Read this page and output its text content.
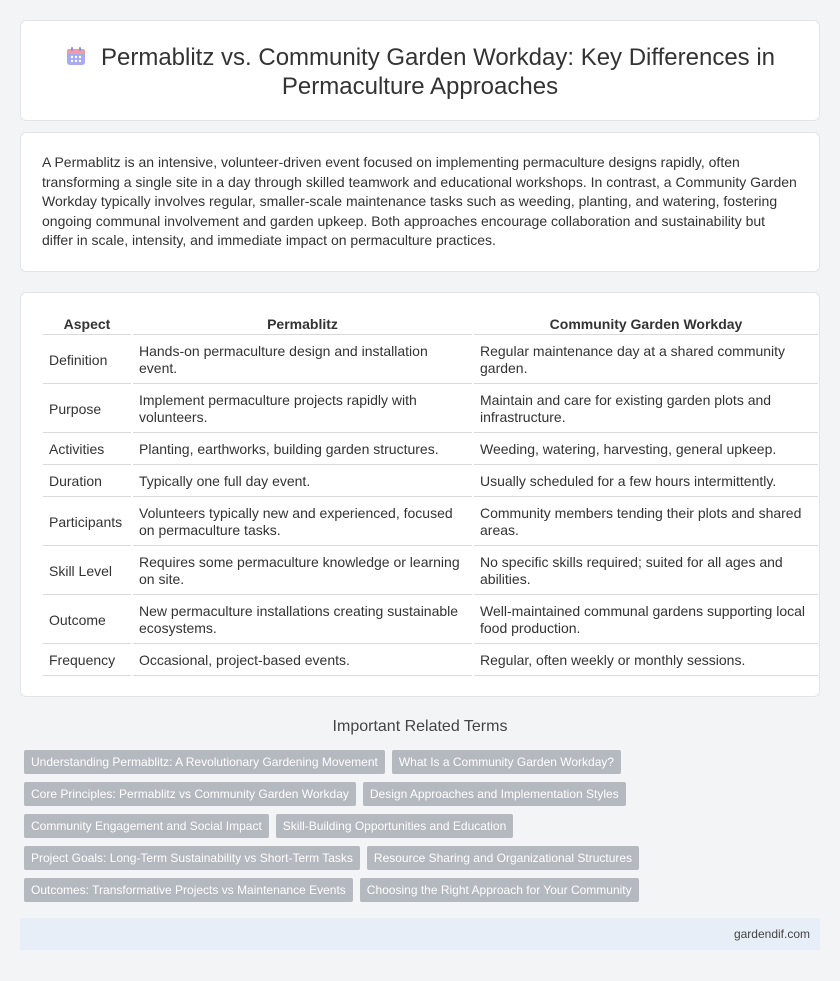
Permablitz vs. Community Garden Workday: Key Differences in
Permaculture Approaches

A Permablitz is an intensive, volunteer-driven event focused on implementing permaculture designs rapidly, often transforming a single site in a day through skilled teamwork and educational workshops. In contrast, a Community Garden Workday typically involves regular, smaller-scale maintenance tasks such as weeding, planting, and watering, fostering ongoing communal involvement and garden upkeep. Both approaches encourage collaboration and sustainability but differ in scale, intensity, and immediate impact on permaculture practices.

Aspect	Permablitz	Community Garden Workday
Definition	Hands-on permaculture design and installation event.	Regular maintenance day at a shared community garden.
Purpose	Implement permaculture projects rapidly with volunteers.	Maintain and care for existing garden plots and infrastructure.
Activities	Planting, earthworks, building garden structures.	Weeding, watering, harvesting, general upkeep.
Duration	Typically one full day event.	Usually scheduled for a few hours intermittently.
Participants	Volunteers typically new and experienced, focused on permaculture tasks.	Community members tending their plots and shared areas.
Skill Level	Requires some permaculture knowledge or learning on site.	No specific skills required; suited for all ages and abilities.
Outcome	New permaculture installations creating sustainable ecosystems.	Well-maintained communal gardens supporting local food production.
Frequency	Occasional, project-based events.	Regular, often weekly or monthly sessions.
Important Related Terms
Understanding Permablitz: A Revolutionary Gardening Movement	What Is a Community Garden Workday?
Core Principles: Permablitz vs Community Garden Workday	Design Approaches and Implementation Styles
Community Engagement and Social Impact	Skill-Building Opportunities and Education
Project Goals: Long-Term Sustainability vs Short-Term Tasks	Resource Sharing and Organizational Structures
Outcomes: Transformative Projects vs Maintenance Events	Choosing the Right Approach for Your Community
gardendif.com
